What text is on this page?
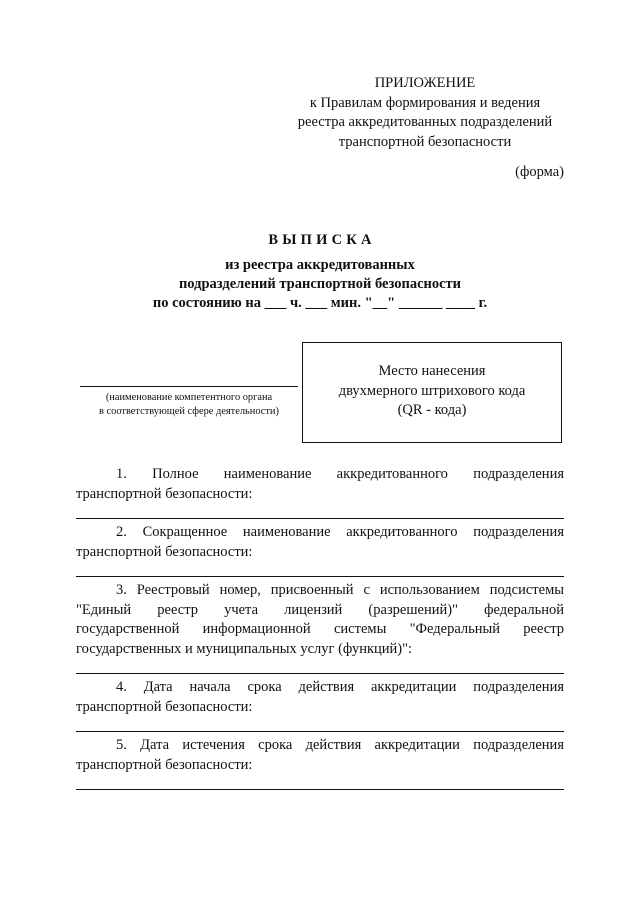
ПРИЛОЖЕНИЕ
к Правилам формирования и ведения
реестра аккредитованных подразделений
транспортной безопасности
(форма)
ВЫПИСКА
из реестра аккредитованных
подразделений транспортной безопасности
по состоянию на ___ ч. ___ мин. "__" ______ ____ г.
(наименование компетентного органа
в соответствующей сфере деятельности)
Место нанесения
двухмерного штрихового кода
(QR - кода)
1. Полное наименование аккредитованного подразделения
транспортной безопасности:
2. Сокращенное наименование аккредитованного подразделения
транспортной безопасности:
3. Реестровый номер, присвоенный с использованием подсистемы
"Единый реестр учета лицензий (разрешений)" федеральной
государственной информационной системы "Федеральный реестр
государственных и муниципальных услуг (функций)":
4. Дата начала срока действия аккредитации подразделения
транспортной безопасности:
5. Дата истечения срока действия аккредитации подразделения
транспортной безопасности:
